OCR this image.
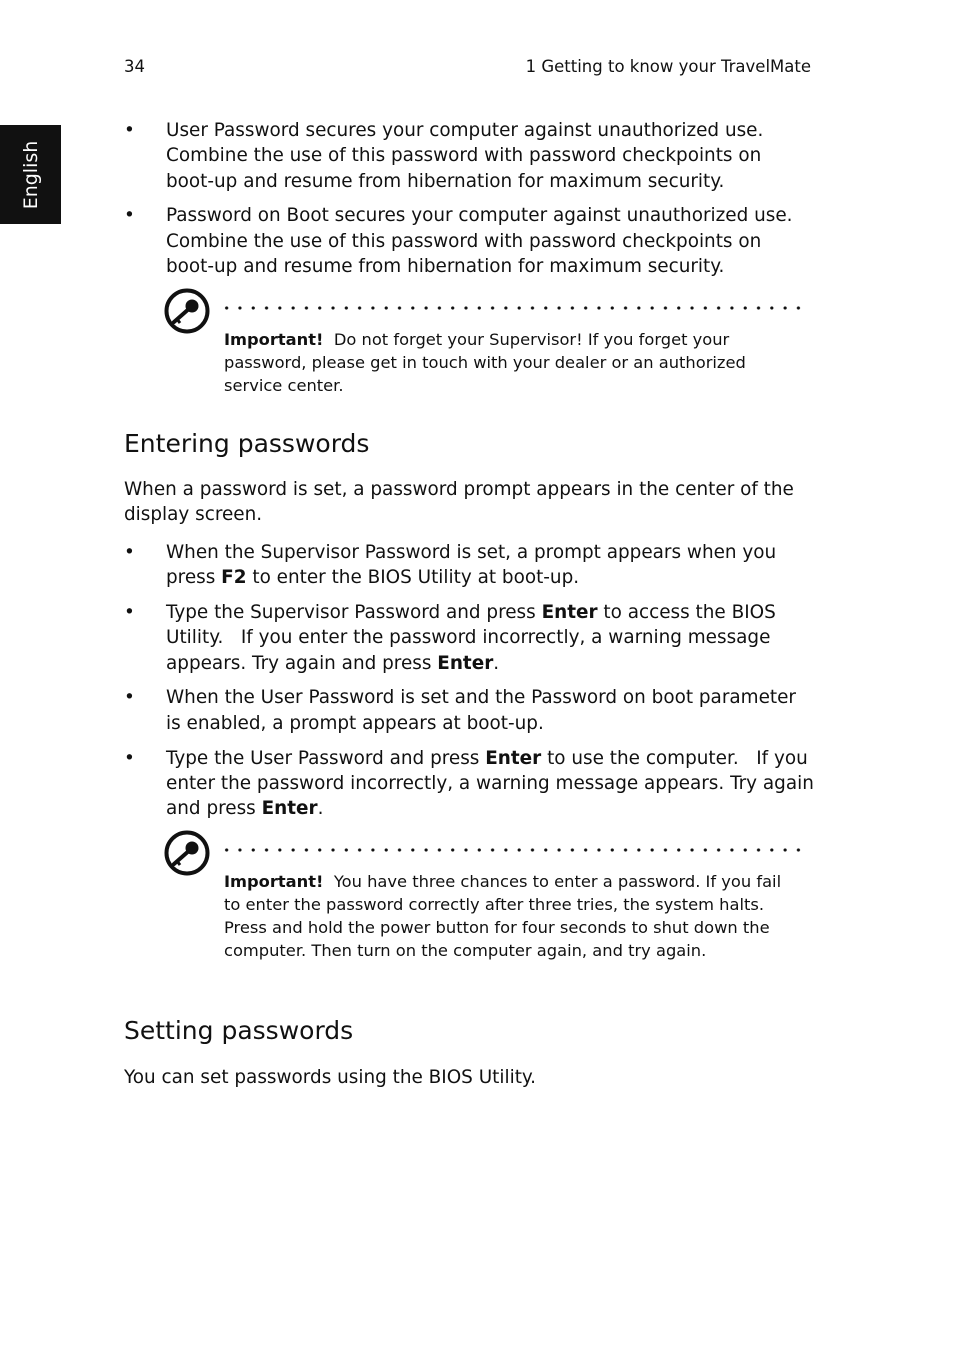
34	1 Getting to know your TravelMate
English
• User Password secures your computer against unauthorized use. Combine the use of this password with password checkpoints on boot-up and resume from hibernation for maximum security.
• Password on Boot secures your computer against unauthorized use. Combine the use of this password with password checkpoints on boot-up and resume from hibernation for maximum security.
Important! Do not forget your Supervisor! If you forget your password, please get in touch with your dealer or an authorized service center.
Entering passwords
When a password is set, a password prompt appears in the center of the display screen.
• When the Supervisor Password is set, a prompt appears when you press F2 to enter the BIOS Utility at boot-up.
• Type the Supervisor Password and press Enter to access the BIOS Utility.   If you enter the password incorrectly, a warning message appears. Try again and press Enter.
• When the User Password is set and the Password on boot parameter is enabled, a prompt appears at boot-up.
• Type the User Password and press Enter to use the computer.   If you enter the password incorrectly, a warning message appears. Try again and press Enter.
Important! You have three chances to enter a password. If you fail to enter the password correctly after three tries, the system halts. Press and hold the power button for four seconds to shut down the computer. Then turn on the computer again, and try again.
Setting passwords
You can set passwords using the BIOS Utility.
